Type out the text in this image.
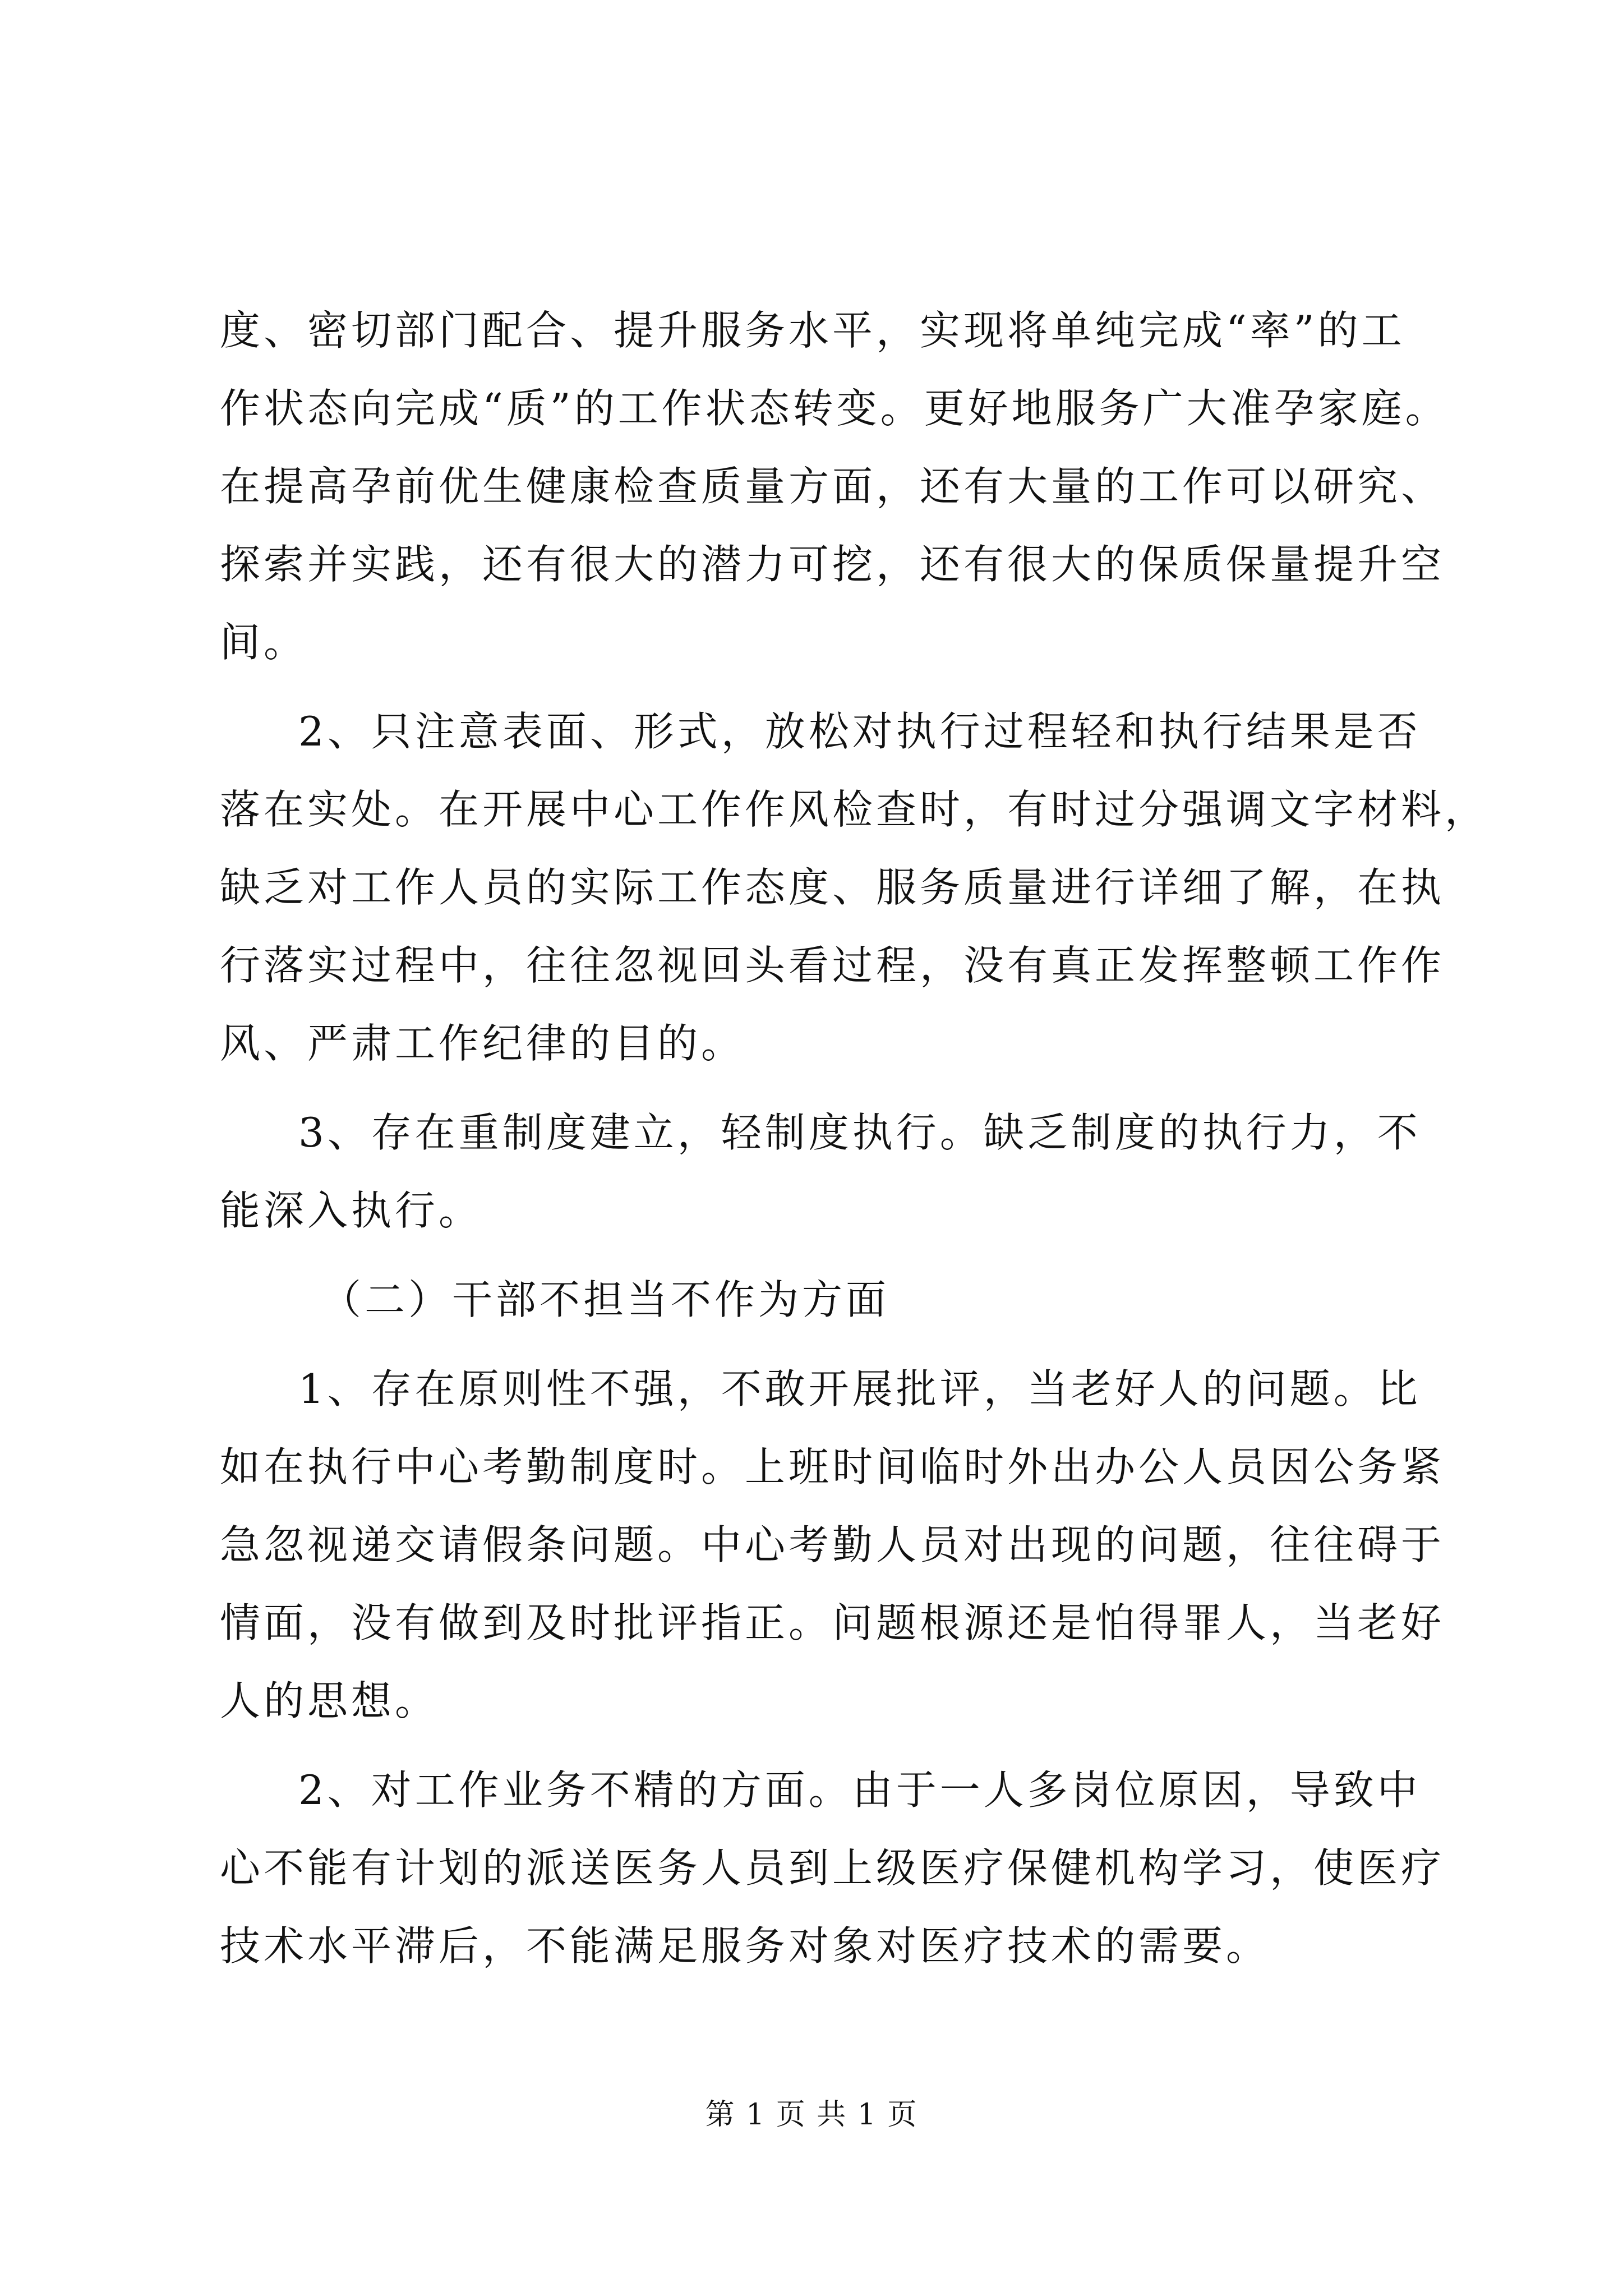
度、密切部门配合、提升服务水平，实现将单纯完成“率”的工
作状态向完成“质”的工作状态转变。更好地服务广大准孕家庭。
在提高孕前优生健康检查质量方面，还有大量的工作可以研究、
探索并实践，还有很大的潜力可挖，还有很大的保质保量提升空
间。
2、只注意表面、形式，放松对执行过程轻和执行结果是否
落在实处。在开展中心工作作风检查时，有时过分强调文字材料，
缺乏对工作人员的实际工作态度、服务质量进行详细了解，在执
行落实过程中，往往忽视回头看过程，没有真正发挥整顿工作作
风、严肃工作纪律的目的。
3、存在重制度建立，轻制度执行。缺乏制度的执行力，不
能深入执行。
（二）干部不担当不作为方面
1、存在原则性不强，不敢开展批评，当老好人的问题。比
如在执行中心考勤制度时。上班时间临时外出办公人员因公务紧
急忽视递交请假条问题。中心考勤人员对出现的问题，往往碍于
情面，没有做到及时批评指正。问题根源还是怕得罪人，当老好
人的思想。
2、对工作业务不精的方面。由于一人多岗位原因，导致中
心不能有计划的派送医务人员到上级医疗保健机构学习，使医疗
技术水平滞后，不能满足服务对象对医疗技术的需要。
第 1 页 共 1 页
